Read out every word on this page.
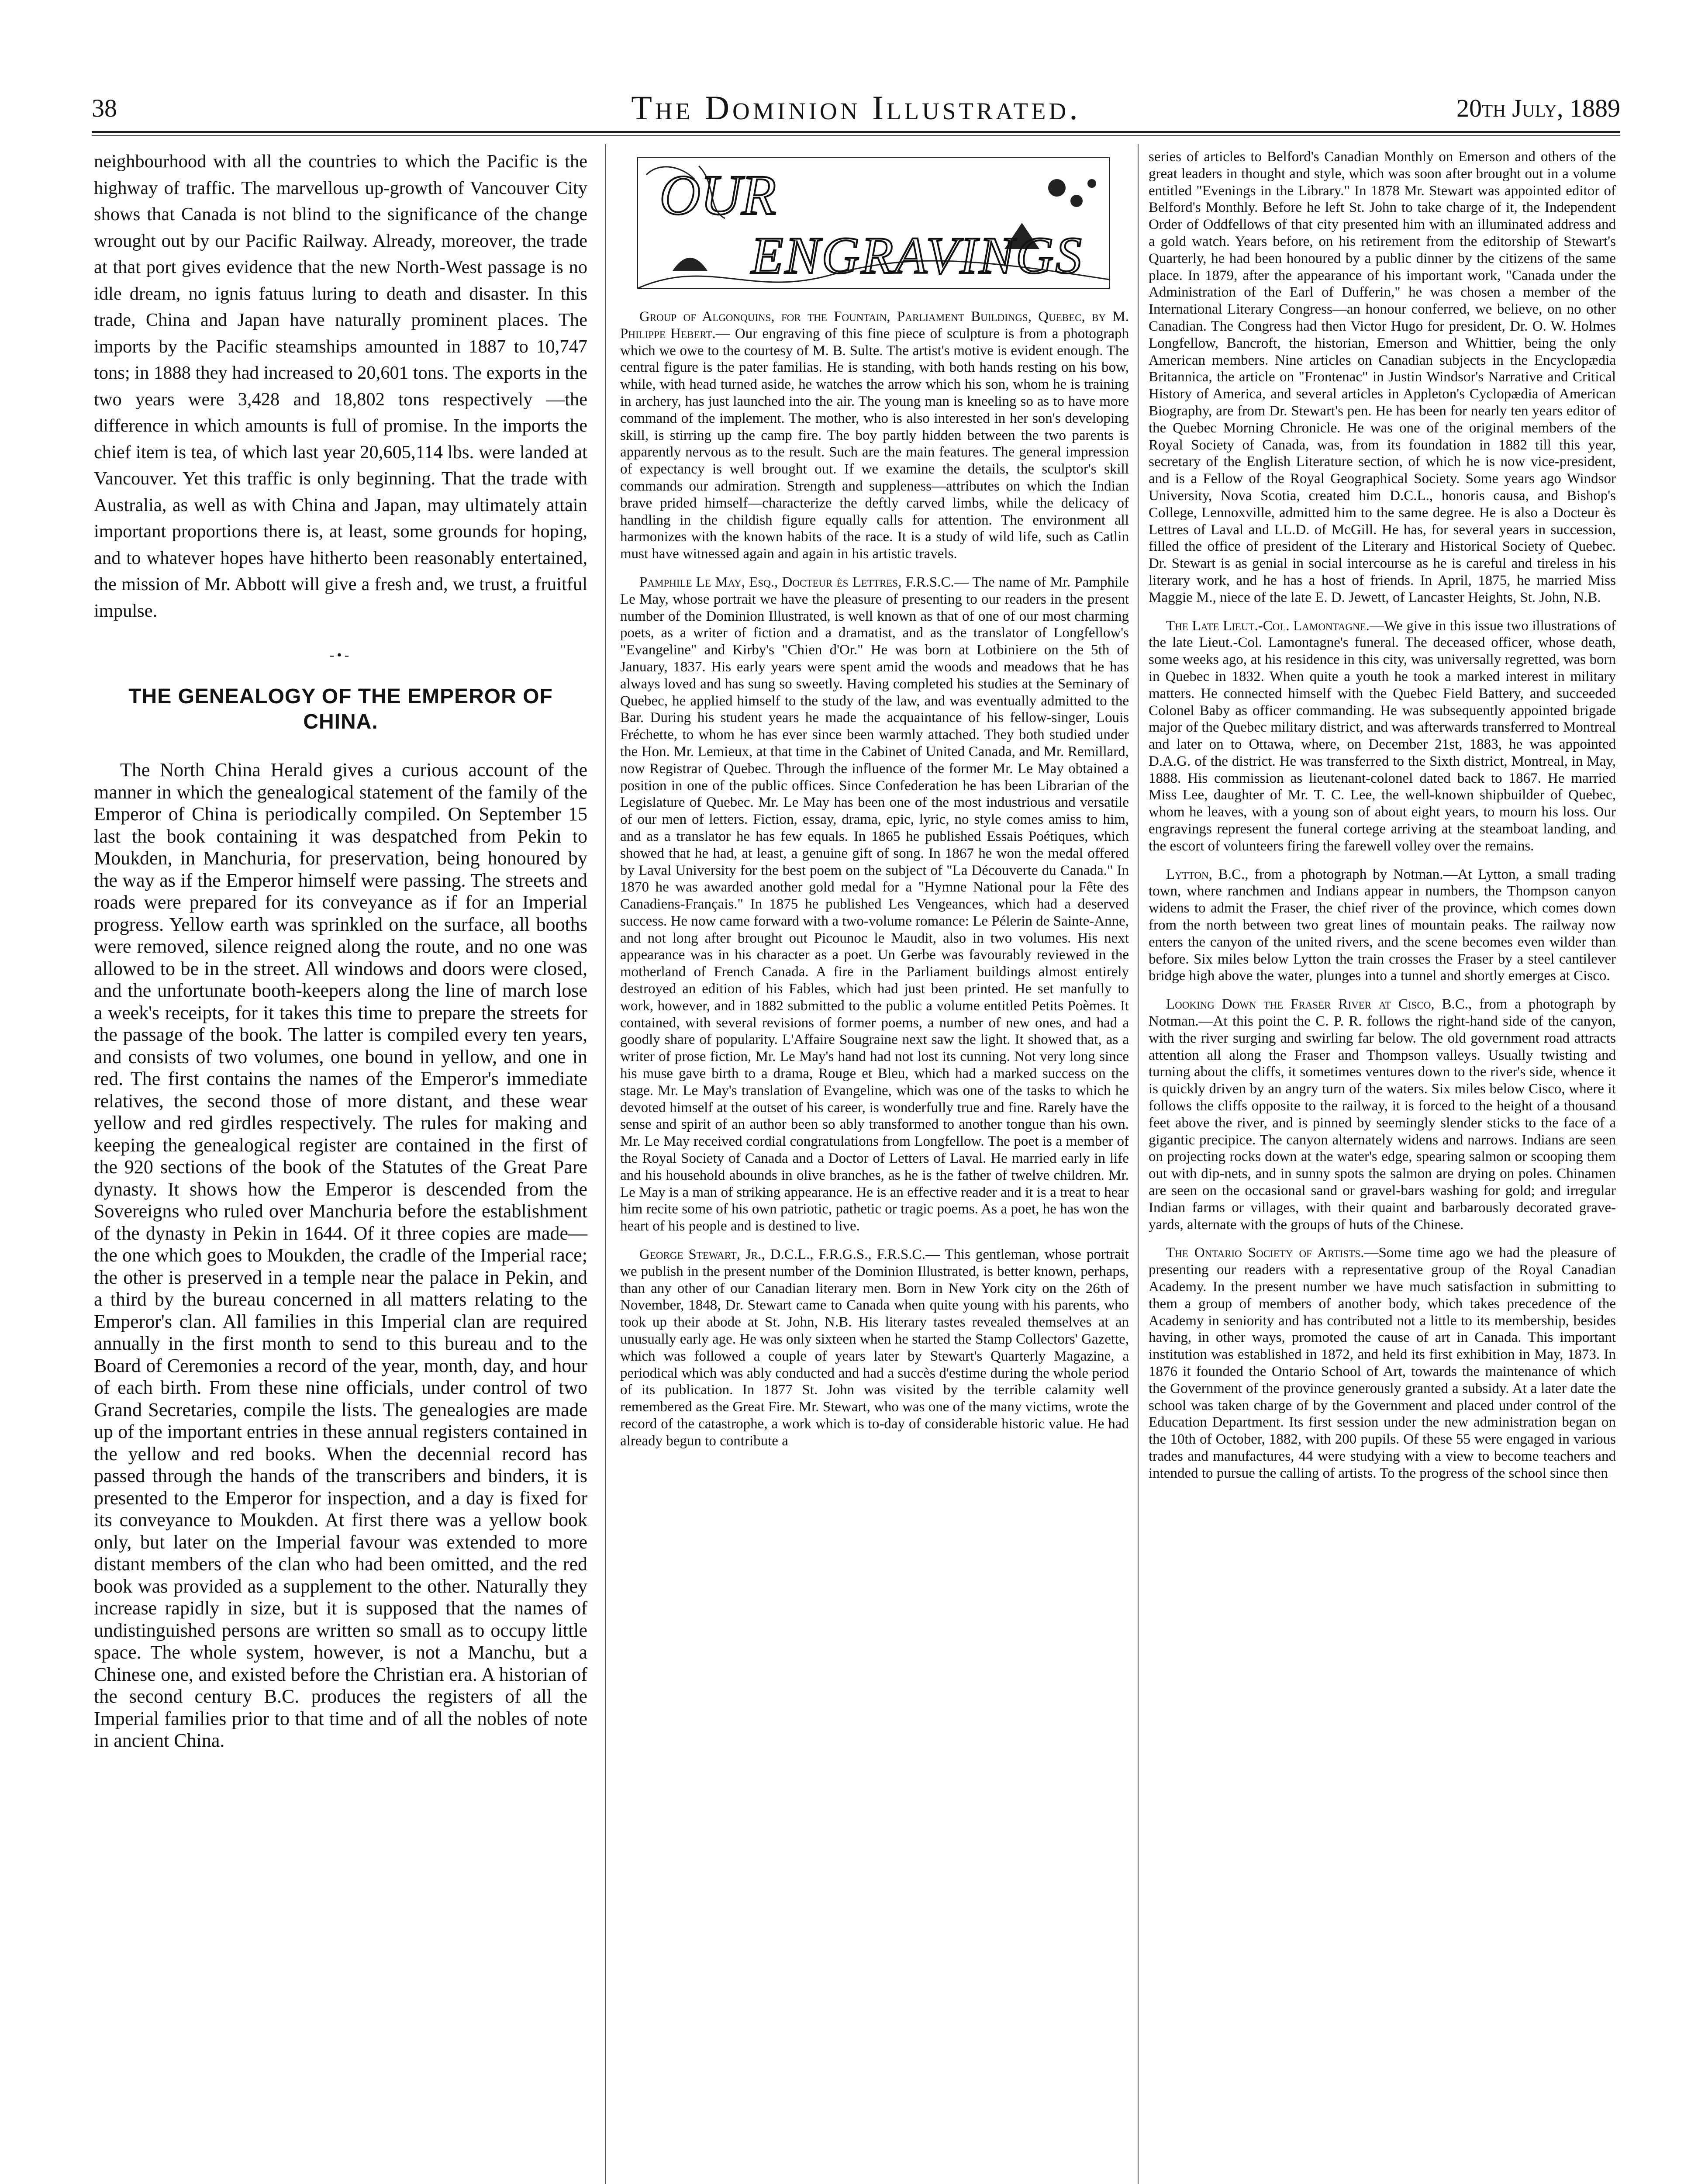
38	The Dominion Illustrated.	20th July, 1889

neighbourhood with all the countries to which the Pacific is the highway of traffic. The marvellous up-growth of Vancouver City shows that Canada is not blind to the significance of the change wrought out by our Pacific Railway. Already, moreover, the trade at that port gives evidence that the new North-West passage is no idle dream, no ignis fatuus luring to death and disaster. In this trade, China and Japan have naturally prominent places. The imports by the Pacific steamships amounted in 1887 to 10,747 tons; in 1888 they had increased to 20,601 tons. The exports in the two years were 3,428 and 18,802 tons respectively —the difference in which amounts is full of promise. In the imports the chief item is tea, of which last year 20,605,114 lbs. were landed at Vancouver. Yet this traffic is only beginning. That the trade with Australia, as well as with China and Japan, may ultimately attain important proportions there is, at least, some grounds for hoping, and to whatever hopes have hitherto been reasonably entertained, the mission of Mr. Abbott will give a fresh and, we trust, a fruitful impulse.

-•-
THE GENEALOGY OF THE EMPEROR OF CHINA.

The North China Herald gives a curious account of the manner in which the genealogical statement of the family of the Emperor of China is periodically compiled. On September 15 last the book containing it was despatched from Pekin to Moukden, in Manchuria, for preservation, being honoured by the way as if the Emperor himself were passing. The streets and roads were prepared for its conveyance as if for an Imperial progress. Yellow earth was sprinkled on the surface, all booths were removed, silence reigned along the route, and no one was allowed to be in the street. All windows and doors were closed, and the unfortunate booth-keepers along the line of march lose a week's receipts, for it takes this time to prepare the streets for the passage of the book. The latter is compiled every ten years, and consists of two volumes, one bound in yellow, and one in red. The first contains the names of the Emperor's immediate relatives, the second those of more distant, and these wear yellow and red girdles respectively. The rules for making and keeping the genealogical register are contained in the first of the 920 sections of the book of the Statutes of the Great Pare dynasty. It shows how the Emperor is descended from the Sovereigns who ruled over Manchuria before the establishment of the dynasty in Pekin in 1644. Of it three copies are made—the one which goes to Moukden, the cradle of the Imperial race; the other is preserved in a temple near the palace in Pekin, and a third by the bureau concerned in all matters relating to the Emperor's clan. All families in this Imperial clan are required annually in the first month to send to this bureau and to the Board of Ceremonies a record of the year, month, day, and hour of each birth. From these nine officials, under control of two Grand Secretaries, compile the lists. The genealogies are made up of the important entries in these annual registers contained in the yellow and red books. When the decennial record has passed through the hands of the transcribers and binders, it is presented to the Emperor for inspection, and a day is fixed for its conveyance to Moukden. At first there was a yellow book only, but later on the Imperial favour was extended to more distant members of the clan who had been omitted, and the red book was provided as a supplement to the other. Naturally they increase rapidly in size, but it is supposed that the names of undistinguished persons are written so small as to occupy little space. The whole system, however, is not a Manchu, but a Chinese one, and existed before the Christian era. A historian of the second century B.C. produces the registers of all the Imperial families prior to that time and of all the nobles of note in ancient China.

OUR
ENGRAVINGS

Group of Algonquins, for the Fountain, Parliament Buildings, Quebec, by M. Philippe Hebert.— Our engraving of this fine piece of sculpture is from a photograph which we owe to the courtesy of M. B. Sulte. The artist's motive is evident enough. The central figure is the pater familias. He is standing, with both hands resting on his bow, while, with head turned aside, he watches the arrow which his son, whom he is training in archery, has just launched into the air. The young man is kneeling so as to have more command of the implement. The mother, who is also interested in her son's developing skill, is stirring up the camp fire. The boy partly hidden between the two parents is apparently nervous as to the result. Such are the main features. The general impression of expectancy is well brought out. If we examine the details, the sculptor's skill commands our admiration. Strength and suppleness—attributes on which the Indian brave prided himself—characterize the deftly carved limbs, while the delicacy of handling in the childish figure equally calls for attention. The environment all harmonizes with the known habits of the race. It is a study of wild life, such as Catlin must have witnessed again and again in his artistic travels.

Pamphile Le May, Esq., Docteur ès Lettres, F.R.S.C.— The name of Mr. Pamphile Le May, whose portrait we have the pleasure of presenting to our readers in the present number of the Dominion Illustrated, is well known as that of one of our most charming poets, as a writer of fiction and a dramatist, and as the translator of Longfellow's "Evangeline" and Kirby's "Chien d'Or." He was born at Lotbiniere on the 5th of January, 1837. His early years were spent amid the woods and meadows that he has always loved and has sung so sweetly. Having completed his studies at the Seminary of Quebec, he applied himself to the study of the law, and was eventually admitted to the Bar. During his student years he made the acquaintance of his fellow-singer, Louis Fréchette, to whom he has ever since been warmly attached. They both studied under the Hon. Mr. Lemieux, at that time in the Cabinet of United Canada, and Mr. Remillard, now Registrar of Quebec. Through the influence of the former Mr. Le May obtained a position in one of the public offices. Since Confederation he has been Librarian of the Legislature of Quebec. Mr. Le May has been one of the most industrious and versatile of our men of letters. Fiction, essay, drama, epic, lyric, no style comes amiss to him, and as a translator he has few equals. In 1865 he published Essais Poétiques, which showed that he had, at least, a genuine gift of song. In 1867 he won the medal offered by Laval University for the best poem on the subject of "La Découverte du Canada." In 1870 he was awarded another gold medal for a "Hymne National pour la Fête des Canadiens-Français." In 1875 he published Les Vengeances, which had a deserved success. He now came forward with a two-volume romance: Le Pélerin de Sainte-Anne, and not long after brought out Picounoc le Maudit, also in two volumes. His next appearance was in his character as a poet. Un Gerbe was favourably reviewed in the motherland of French Canada. A fire in the Parliament buildings almost entirely destroyed an edition of his Fables, which had just been printed. He set manfully to work, however, and in 1882 submitted to the public a volume entitled Petits Poèmes. It contained, with several revisions of former poems, a number of new ones, and had a goodly share of popularity. L'Affaire Sougraine next saw the light. It showed that, as a writer of prose fiction, Mr. Le May's hand had not lost its cunning. Not very long since his muse gave birth to a drama, Rouge et Bleu, which had a marked success on the stage. Mr. Le May's translation of Evangeline, which was one of the tasks to which he devoted himself at the outset of his career, is wonderfully true and fine. Rarely have the sense and spirit of an author been so ably transformed to another tongue than his own. Mr. Le May received cordial congratulations from Longfellow. The poet is a member of the Royal Society of Canada and a Doctor of Letters of Laval. He married early in life and his household abounds in olive branches, as he is the father of twelve children. Mr. Le May is a man of striking appearance. He is an effective reader and it is a treat to hear him recite some of his own patriotic, pathetic or tragic poems. As a poet, he has won the heart of his people and is destined to live.

George Stewart, Jr., D.C.L., F.R.G.S., F.R.S.C.— This gentleman, whose portrait we publish in the present number of the Dominion Illustrated, is better known, perhaps, than any other of our Canadian literary men. Born in New York city on the 26th of November, 1848, Dr. Stewart came to Canada when quite young with his parents, who took up their abode at St. John, N.B. His literary tastes revealed themselves at an unusually early age. He was only sixteen when he started the Stamp Collectors' Gazette, which was followed a couple of years later by Stewart's Quarterly Magazine, a periodical which was ably conducted and had a succès d'estime during the whole period of its publication. In 1877 St. John was visited by the terrible calamity well remembered as the Great Fire. Mr. Stewart, who was one of the many victims, wrote the record of the catastrophe, a work which is to-day of considerable historic value. He had already begun to contribute a

series of articles to Belford's Canadian Monthly on Emerson and others of the great leaders in thought and style, which was soon after brought out in a volume entitled "Evenings in the Library." In 1878 Mr. Stewart was appointed editor of Belford's Monthly. Before he left St. John to take charge of it, the Independent Order of Oddfellows of that city presented him with an illuminated address and a gold watch. Years before, on his retirement from the editorship of Stewart's Quarterly, he had been honoured by a public dinner by the citizens of the same place. In 1879, after the appearance of his important work, "Canada under the Administration of the Earl of Dufferin," he was chosen a member of the International Literary Congress—an honour conferred, we believe, on no other Canadian. The Congress had then Victor Hugo for president, Dr. O. W. Holmes Longfellow, Bancroft, the historian, Emerson and Whittier, being the only American members. Nine articles on Canadian subjects in the Encyclopædia Britannica, the article on "Frontenac" in Justin Windsor's Narrative and Critical History of America, and several articles in Appleton's Cyclopædia of American Biography, are from Dr. Stewart's pen. He has been for nearly ten years editor of the Quebec Morning Chronicle. He was one of the original members of the Royal Society of Canada, was, from its foundation in 1882 till this year, secretary of the English Literature section, of which he is now vice-president, and is a Fellow of the Royal Geographical Society. Some years ago Windsor University, Nova Scotia, created him D.C.L., honoris causa, and Bishop's College, Lennoxville, admitted him to the same degree. He is also a Docteur ès Lettres of Laval and LL.D. of McGill. He has, for several years in succession, filled the office of president of the Literary and Historical Society of Quebec. Dr. Stewart is as genial in social intercourse as he is careful and tireless in his literary work, and he has a host of friends. In April, 1875, he married Miss Maggie M., niece of the late E. D. Jewett, of Lancaster Heights, St. John, N.B.

The Late Lieut.-Col. Lamontagne.—We give in this issue two illustrations of the late Lieut.-Col. Lamontagne's funeral. The deceased officer, whose death, some weeks ago, at his residence in this city, was universally regretted, was born in Quebec in 1832. When quite a youth he took a marked interest in military matters. He connected himself with the Quebec Field Battery, and succeeded Colonel Baby as officer commanding. He was subsequently appointed brigade major of the Quebec military district, and was afterwards transferred to Montreal and later on to Ottawa, where, on December 21st, 1883, he was appointed D.A.G. of the district. He was transferred to the Sixth district, Montreal, in May, 1888. His commission as lieutenant-colonel dated back to 1867. He married Miss Lee, daughter of Mr. T. C. Lee, the well-known shipbuilder of Quebec, whom he leaves, with a young son of about eight years, to mourn his loss. Our engravings represent the funeral cortege arriving at the steamboat landing, and the escort of volunteers firing the farewell volley over the remains.

Lytton, B.C., from a photograph by Notman.—At Lytton, a small trading town, where ranchmen and Indians appear in numbers, the Thompson canyon widens to admit the Fraser, the chief river of the province, which comes down from the north between two great lines of mountain peaks. The railway now enters the canyon of the united rivers, and the scene becomes even wilder than before. Six miles below Lytton the train crosses the Fraser by a steel cantilever bridge high above the water, plunges into a tunnel and shortly emerges at Cisco.

Looking Down the Fraser River at Cisco, B.C., from a photograph by Notman.—At this point the C. P. R. follows the right-hand side of the canyon, with the river surging and swirling far below. The old government road attracts attention all along the Fraser and Thompson valleys. Usually twisting and turning about the cliffs, it sometimes ventures down to the river's side, whence it is quickly driven by an angry turn of the waters. Six miles below Cisco, where it follows the cliffs opposite to the railway, it is forced to the height of a thousand feet above the river, and is pinned by seemingly slender sticks to the face of a gigantic precipice. The canyon alternately widens and narrows. Indians are seen on projecting rocks down at the water's edge, spearing salmon or scooping them out with dip-nets, and in sunny spots the salmon are drying on poles. Chinamen are seen on the occasional sand or gravel-bars washing for gold; and irregular Indian farms or villages, with their quaint and barbarously decorated grave-yards, alternate with the groups of huts of the Chinese.

The Ontario Society of Artists.—Some time ago we had the pleasure of presenting our readers with a representative group of the Royal Canadian Academy. In the present number we have much satisfaction in submitting to them a group of members of another body, which takes precedence of the Academy in seniority and has contributed not a little to its membership, besides having, in other ways, promoted the cause of art in Canada. This important institution was established in 1872, and held its first exhibition in May, 1873. In 1876 it founded the Ontario School of Art, towards the maintenance of which the Government of the province generously granted a subsidy. At a later date the school was taken charge of by the Government and placed under control of the Education Department. Its first session under the new administration began on the 10th of October, 1882, with 200 pupils. Of these 55 were engaged in various trades and manufactures, 44 were studying with a view to become teachers and intended to pursue the calling of artists. To the progress of the school since then
